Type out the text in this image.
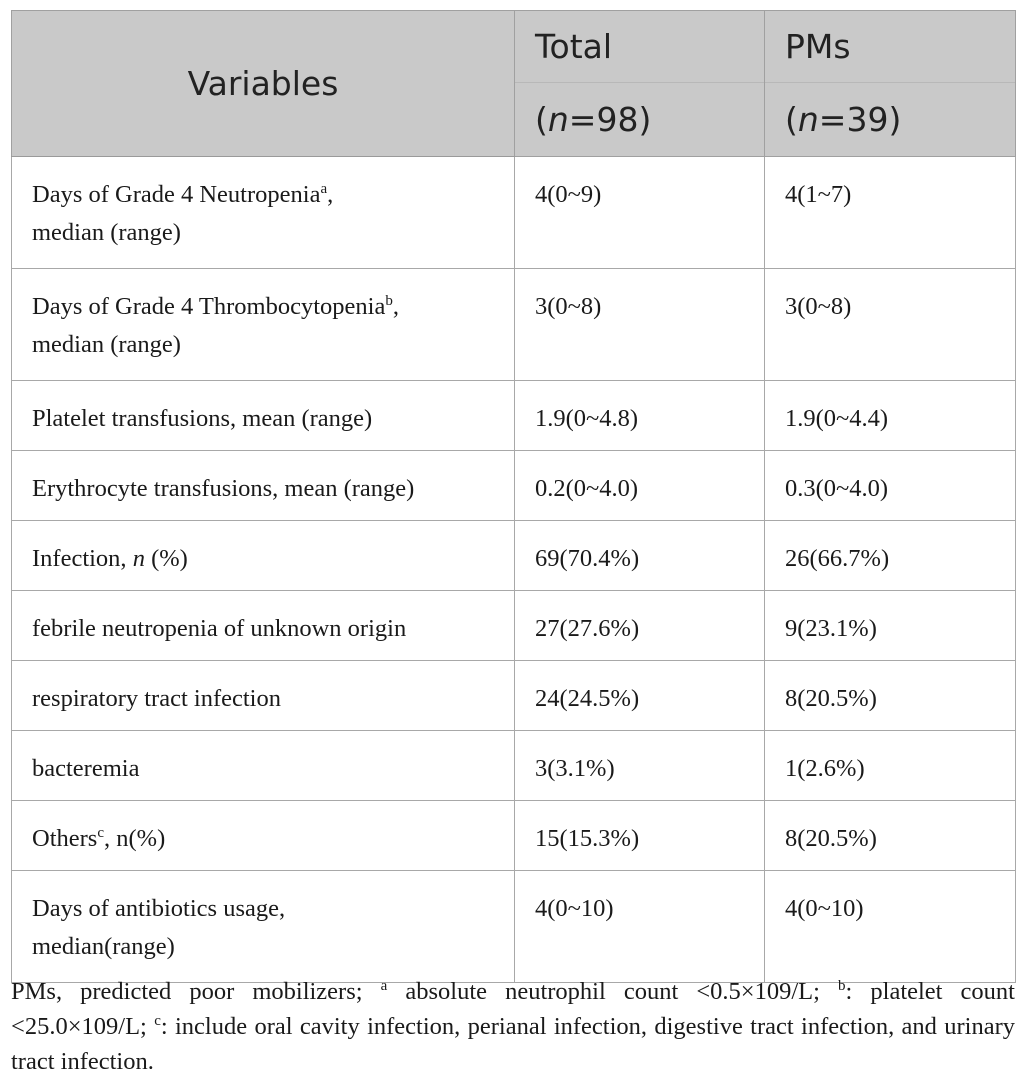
Variables	Total	PMs
	(n=98)	(n=39)
Days of Grade 4 Neutropenia$^a$,
median (range)	4(0~9)	4(1~7)
Days of Grade 4 Thrombocytopenia$^b$,
median (range)	3(0~8)	3(0~8)
Platelet transfusions, mean (range)	1.9(0~4.8)	1.9(0~4.4)
Erythrocyte transfusions, mean (range)	0.2(0~4.0)	0.3(0~4.0)
Infection, n (%)	69(70.4%)	26(66.7%)
febrile neutropenia of unknown origin	27(27.6%)	9(23.1%)
respiratory tract infection	24(24.5%)	8(20.5%)
bacteremia	3(3.1%)	1(2.6%)
Others$^c$, n(%)	15(15.3%)	8(20.5%)
Days of antibiotics usage,
median(range)	4(0~10)	4(0~10)
PMs, predicted poor mobilizers; $^a$ absolute neutrophil count <0.5×109/L; $^b$: platelet count <25.0×109/L; $^c$: include oral cavity infection, perianal infection, digestive tract infection, and urinary tract infection.
